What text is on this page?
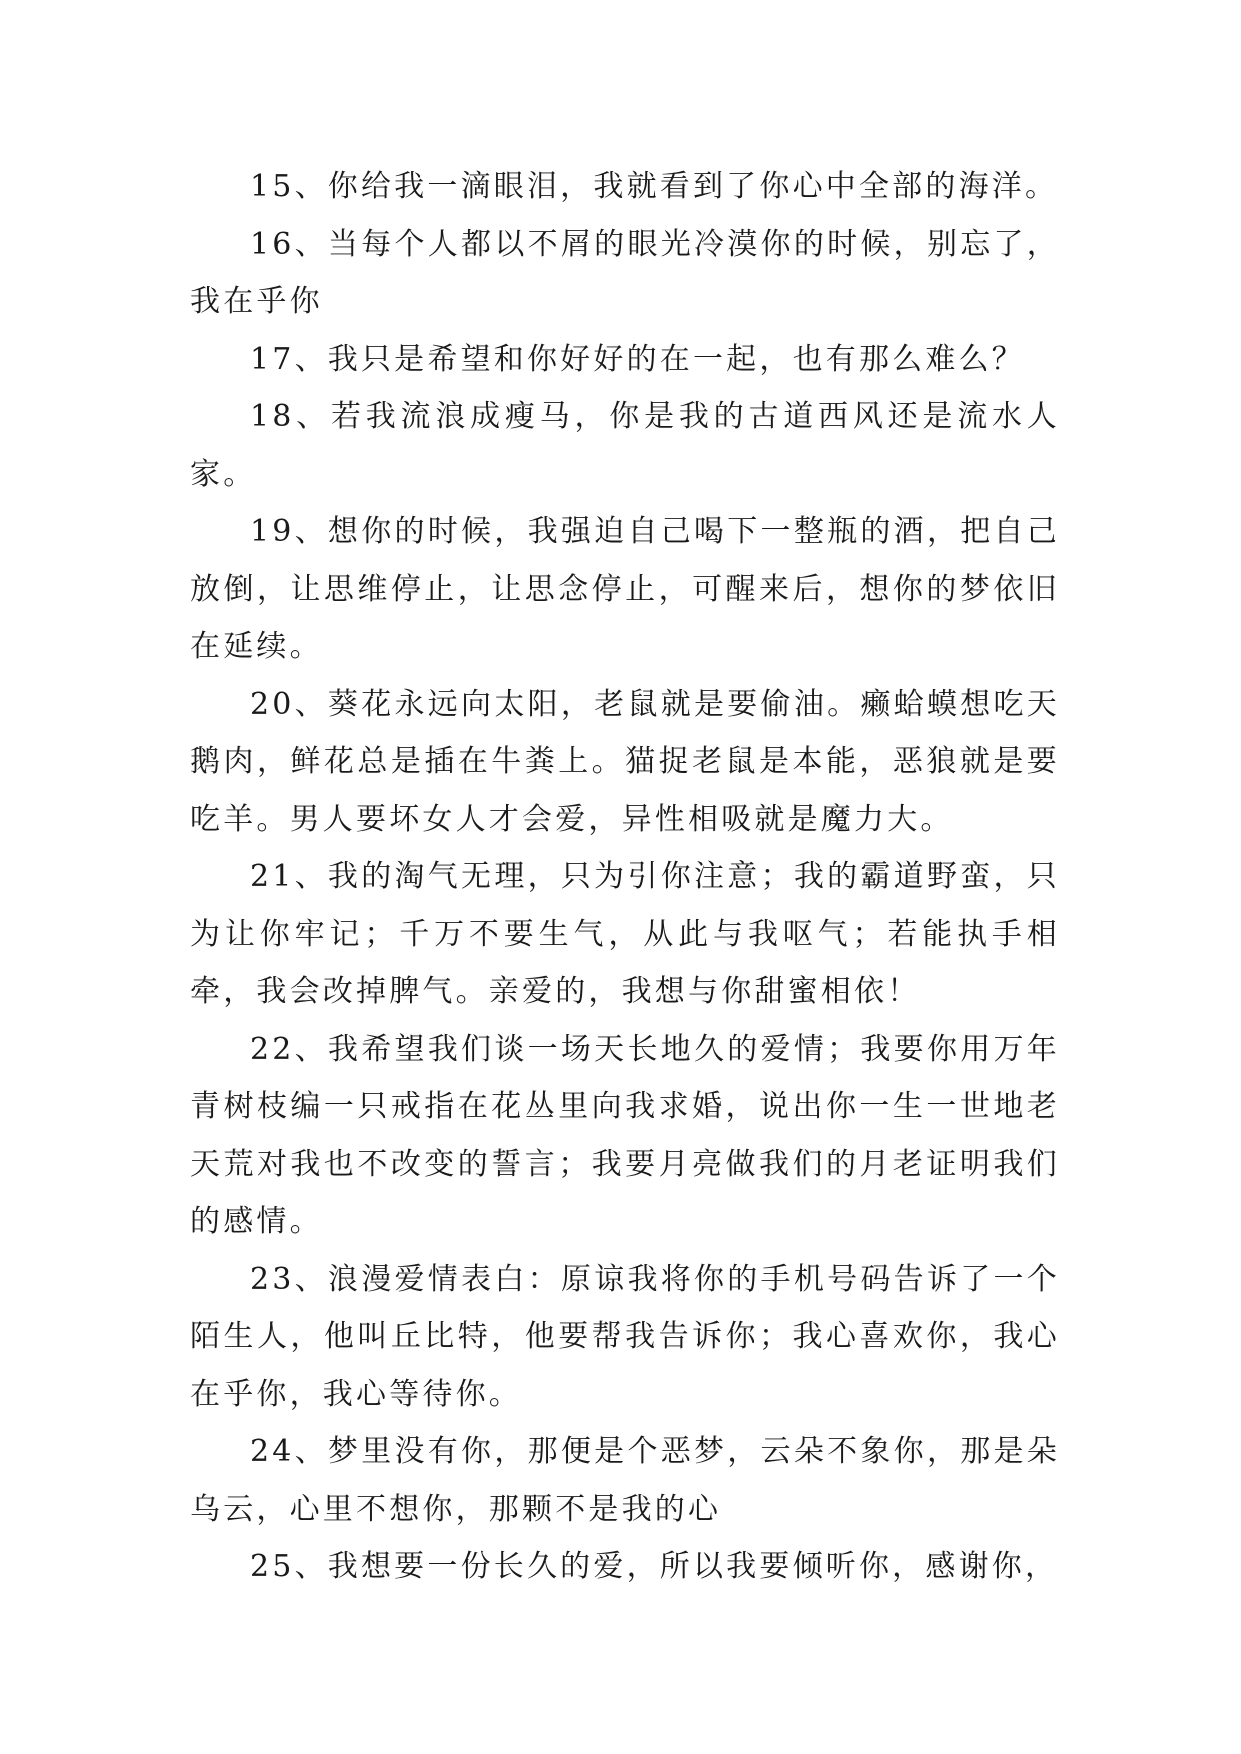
15、你给我一滴眼泪，我就看到了你心中全部的海洋。

16、当每个人都以不屑的眼光冷漠你的时候，别忘了，我在乎你

17、我只是希望和你好好的在一起，也有那么难么？

18、若我流浪成瘦马，你是我的古道西风还是流水人家。

19、想你的时候，我强迫自己喝下一整瓶的酒，把自己放倒，让思维停止，让思念停止，可醒来后，想你的梦依旧在延续。

20、葵花永远向太阳，老鼠就是要偷油。癞蛤蟆想吃天鹅肉，鲜花总是插在牛粪上。猫捉老鼠是本能，恶狼就是要吃羊。男人要坏女人才会爱，异性相吸就是魔力大。

21、我的淘气无理，只为引你注意；我的霸道野蛮，只为让你牢记；千万不要生气，从此与我呕气；若能执手相牵，我会改掉脾气。亲爱的，我想与你甜蜜相依！

22、我希望我们谈一场天长地久的爱情；我要你用万年青树枝编一只戒指在花丛里向我求婚，说出你一生一世地老天荒对我也不改变的誓言；我要月亮做我们的月老证明我们的感情。

23、浪漫爱情表白：原谅我将你的手机号码告诉了一个陌生人，他叫丘比特，他要帮我告诉你；我心喜欢你，我心在乎你，我心等待你。

24、梦里没有你，那便是个恶梦，云朵不象你，那是朵乌云，心里不想你，那颗不是我的心

25、我想要一份长久的爱，所以我要倾听你，感谢你，
